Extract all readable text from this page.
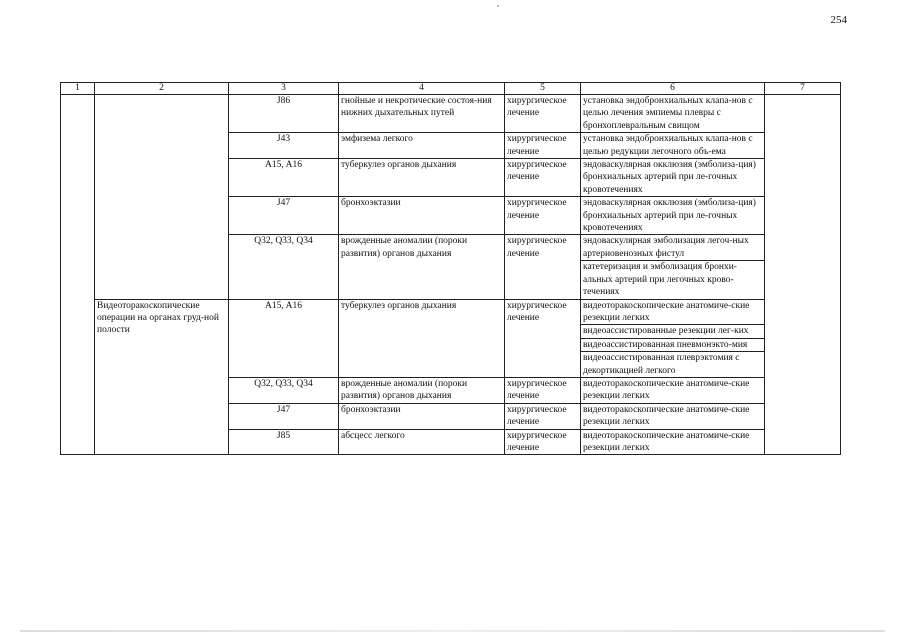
254
1	2	3	4	5	6	7
		J86	гнойные и некротические состоя-ния нижних дыхательных путей	хирургическое лечение	установка эндобронхиальных клапа-нов с целью лечения эмпиемы плевры с бронхоплевральным свищом	
		J43	эмфизема легкого	хирургическое лечение	установка эндобронхиальных клапа-нов с целью редукции легочного объ-ема	
		A15, A16	туберкулез органов дыхания	хирургическое лечение	эндоваскулярная окклюзия (эмболиза-ция) бронхиальных артерий при ле-гочных кровотечениях	
		J47	бронхоэктазии	хирургическое лечение	эндоваскулярная окклюзия (эмболиза-ция) бронхиальных артерий при ле-гочных кровотечениях	
		Q32, Q33, Q34	врожденные аномалии (пороки развития) органов дыхания	хирургическое лечение	эндоваскулярная эмболизация легоч-ных артериовенозных фистул	
					катетеризация и эмболизация бронхи-альных артерий при легочных крово-течениях	
	Видеоторакоскопические операции на органах груд-ной полости	A15, A16	туберкулез органов дыхания	хирургическое лечение	видеоторакоскопические анатомиче-ские резекции легких	
					видеоассистированные резекции лег-ких	
					видеоассистированная пневмонэкто-мия	
					видеоассистированная плеврэктомия с декортикацией легкого	
		Q32, Q33, Q34	врожденные аномалии (пороки развития) органов дыхания	хирургическое лечение	видеоторакоскопические анатомиче-ские резекции легких	
		J47	бронхоэктазии	хирургическое лечение	видеоторакоскопические анатомиче-ские резекции легких	
		J85	абсцесс легкого	хирургическое лечение	видеоторакоскопические анатомиче-ские резекции легких	
